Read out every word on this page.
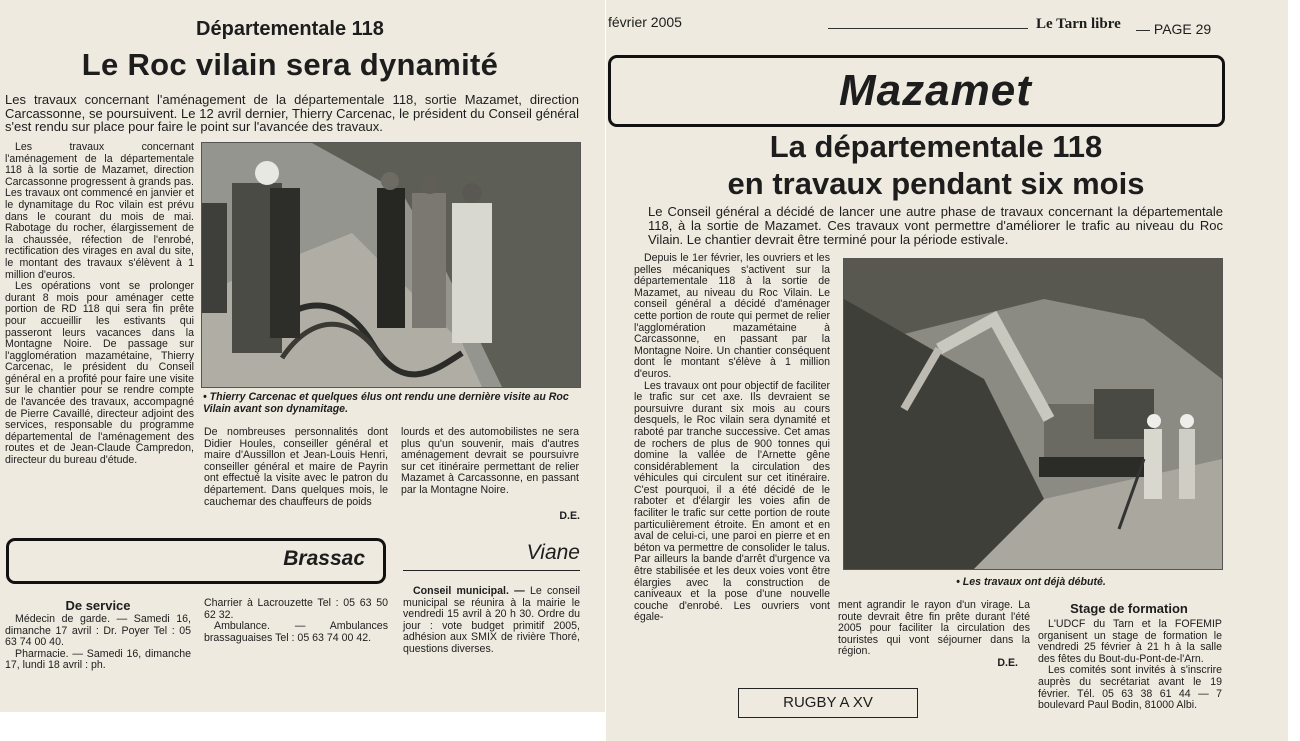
Départementale 118
Le Roc vilain sera dynamité
Les travaux concernant l'aménagement de la départementale 118, sortie Mazamet, direction Carcassonne, se poursuivent. Le 12 avril dernier, Thierry Carcenac, le président du Conseil général s'est rendu sur place pour faire le point sur l'avancée des travaux.

Les travaux concernant l'aménagement de la départementale 118 à la sortie de Mazamet, direction Carcassonne progressent à grands pas. Les travaux ont commencé en janvier et le dynamitage du Roc vilain est prévu dans le courant du mois de mai. Rabotage du rocher, élargissement de la chaussée, réfection de l'enrobé, rectification des virages en aval du site, le montant des travaux s'élèvent à 1 million d'euros.

Les opérations vont se prolonger durant 8 mois pour aménager cette portion de RD 118 qui sera fin prête pour accueillir les estivants qui passeront leurs vacances dans la Montagne Noire. De passage sur l'agglomération mazamétaine, Thierry Carcenac, le président du Conseil général en a profité pour faire une visite sur le chantier pour se rendre compte de l'avancée des travaux, accompagné de Pierre Cavaillé, directeur adjoint des services, responsable du programme départemental de l'aménagement des routes et de Jean-Claude Campredon, directeur du bureau d'étude.

• Thierry Carcenac et quelques élus ont rendu une dernière visite au Roc Vilain avant son dynamitage.
De nombreuses personnalités dont Didier Houles, conseiller général et maire d'Aussillon et Jean-Louis Henri, conseiller général et maire de Payrin ont effectué la visite avec le patron du département. Dans quelques mois, le cauchemar des chauffeurs de poids
lourds et des automobilistes ne sera plus qu'un souvenir, mais d'autres aménagement devrait se poursuivre sur cet itinéraire permettant de relier Mazamet à Carcassonne, en passant par la Montagne Noire.
D.E.
Brassac	Viane
De service

Médecin de garde. — Samedi 16, dimanche 17 avril : Dr. Poyer Tel : 05 63 74 00 40.

Pharmacie. — Samedi 16, dimanche 17, lundi 18 avril : ph.

Charrier à Lacrouzette Tel : 05 63 50 62 32.

Ambulance. — Ambulances brassaguaises Tel : 05 63 74 00 42.

Conseil municipal. — Le conseil municipal se réunira à la mairie le vendredi 15 avril à 20 h 30. Ordre du jour : vote budget primitif 2005, adhésion aux SMIX de rivière Thoré, questions diverses.

février 2005	Le Tarn libre — PAGE 29
Mazamet
La départementale 118
en travaux pendant six mois
Le Conseil général a décidé de lancer une autre phase de travaux concernant la départementale 118, à la sortie de Mazamet. Ces travaux vont permettre d'améliorer le trafic au niveau du Roc Vilain. Le chantier devrait être terminé pour la période estivale.

Depuis le 1er février, les ouvriers et les pelles mécaniques s'activent sur la départementale 118 à la sortie de Mazamet, au niveau du Roc Vilain. Le conseil général a décidé d'aménager cette portion de route qui permet de relier l'agglomération mazamétaine à Carcassonne, en passant par la Montagne Noire. Un chantier conséquent dont le montant s'élève à 1 million d'euros.

Les travaux ont pour objectif de faciliter le trafic sur cet axe. Ils devraient se poursuivre durant six mois au cours desquels, le Roc vilain sera dynamité et raboté par tranche successive. Cet amas de rochers de plus de 900 tonnes qui domine la vallée de l'Arnette gêne considérablement la circulation des véhicules qui circulent sur cet itinéraire. C'est pourquoi, il a été décidé de le raboter et d'élargir les voies afin de faciliter le trafic sur cette portion de route particulièrement étroite. En amont et en aval de celui-ci, une paroi en pierre et en béton va permettre de consolider le talus. Par ailleurs la bande d'arrêt d'urgence va être stabilisée et les deux voies vont être élargies avec la construction de caniveaux et la pose d'une nouvelle couche d'enrobé. Les ouvriers vont égale-

• Les travaux ont déjà débuté.
ment agrandir le rayon d'un virage. La route devrait être fin prête durant l'été 2005 pour faciliter la circulation des touristes qui vont séjourner dans la région.
D.E.
Stage de formation

L'UDCF du Tarn et la FOFEMIP organisent un stage de formation le vendredi 25 février à 21 h à la salle des fêtes du Bout-du-Pont-de-l'Arn.

Les comités sont invités à s'inscrire auprès du secrétariat avant le 19 février. Tél. 05 63 38 61 44 — 7 boulevard Paul Bodin, 81000 Albi.

RUGBY A XV
